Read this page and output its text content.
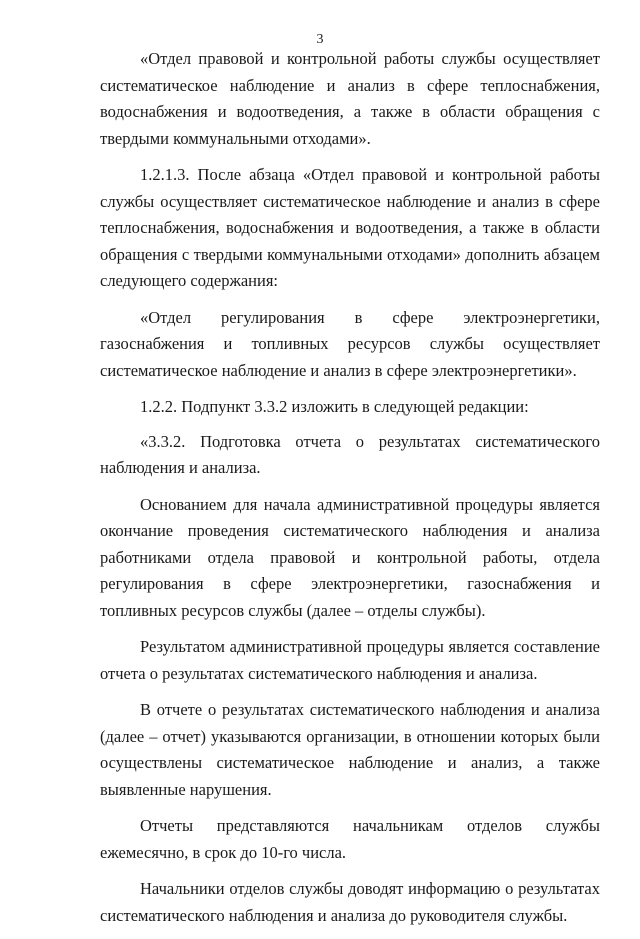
3

«Отдел правовой и контрольной работы службы осуществляет систематическое наблюдение и анализ в сфере теплоснабжения, водоснабжения и водоотведения, а также в области обращения с твердыми коммунальными отходами».

1.2.1.3. После абзаца «Отдел правовой и контрольной работы службы осуществляет систематическое наблюдение и анализ в сфере теплоснабжения, водоснабжения и водоотведения, а также в области обращения с твердыми коммунальными отходами» дополнить абзацем следующего содержания:

«Отдел регулирования в сфере электроэнергетики, газоснабжения и топливных ресурсов службы осуществляет систематическое наблюдение и анализ в сфере электроэнергетики».

1.2.2. Подпункт 3.3.2 изложить в следующей редакции:

«3.3.2. Подготовка отчета о результатах систематического наблюдения и анализа.

Основанием для начала административной процедуры является окончание проведения систематического наблюдения и анализа работниками отдела правовой и контрольной работы, отдела регулирования в сфере электроэнергетики, газоснабжения и топливных ресурсов службы (далее – отделы службы).

Результатом административной процедуры является составление отчета о результатах систематического наблюдения и анализа.

В отчете о результатах систематического наблюдения и анализа (далее – отчет) указываются организации, в отношении которых были осуществлены систематическое наблюдение и анализ, а также выявленные нарушения.

Отчеты представляются начальникам отделов службы ежемесячно, в срок до 10-го числа.

Начальники отделов службы доводят информацию о результатах систематического наблюдения и анализа до руководителя службы.
